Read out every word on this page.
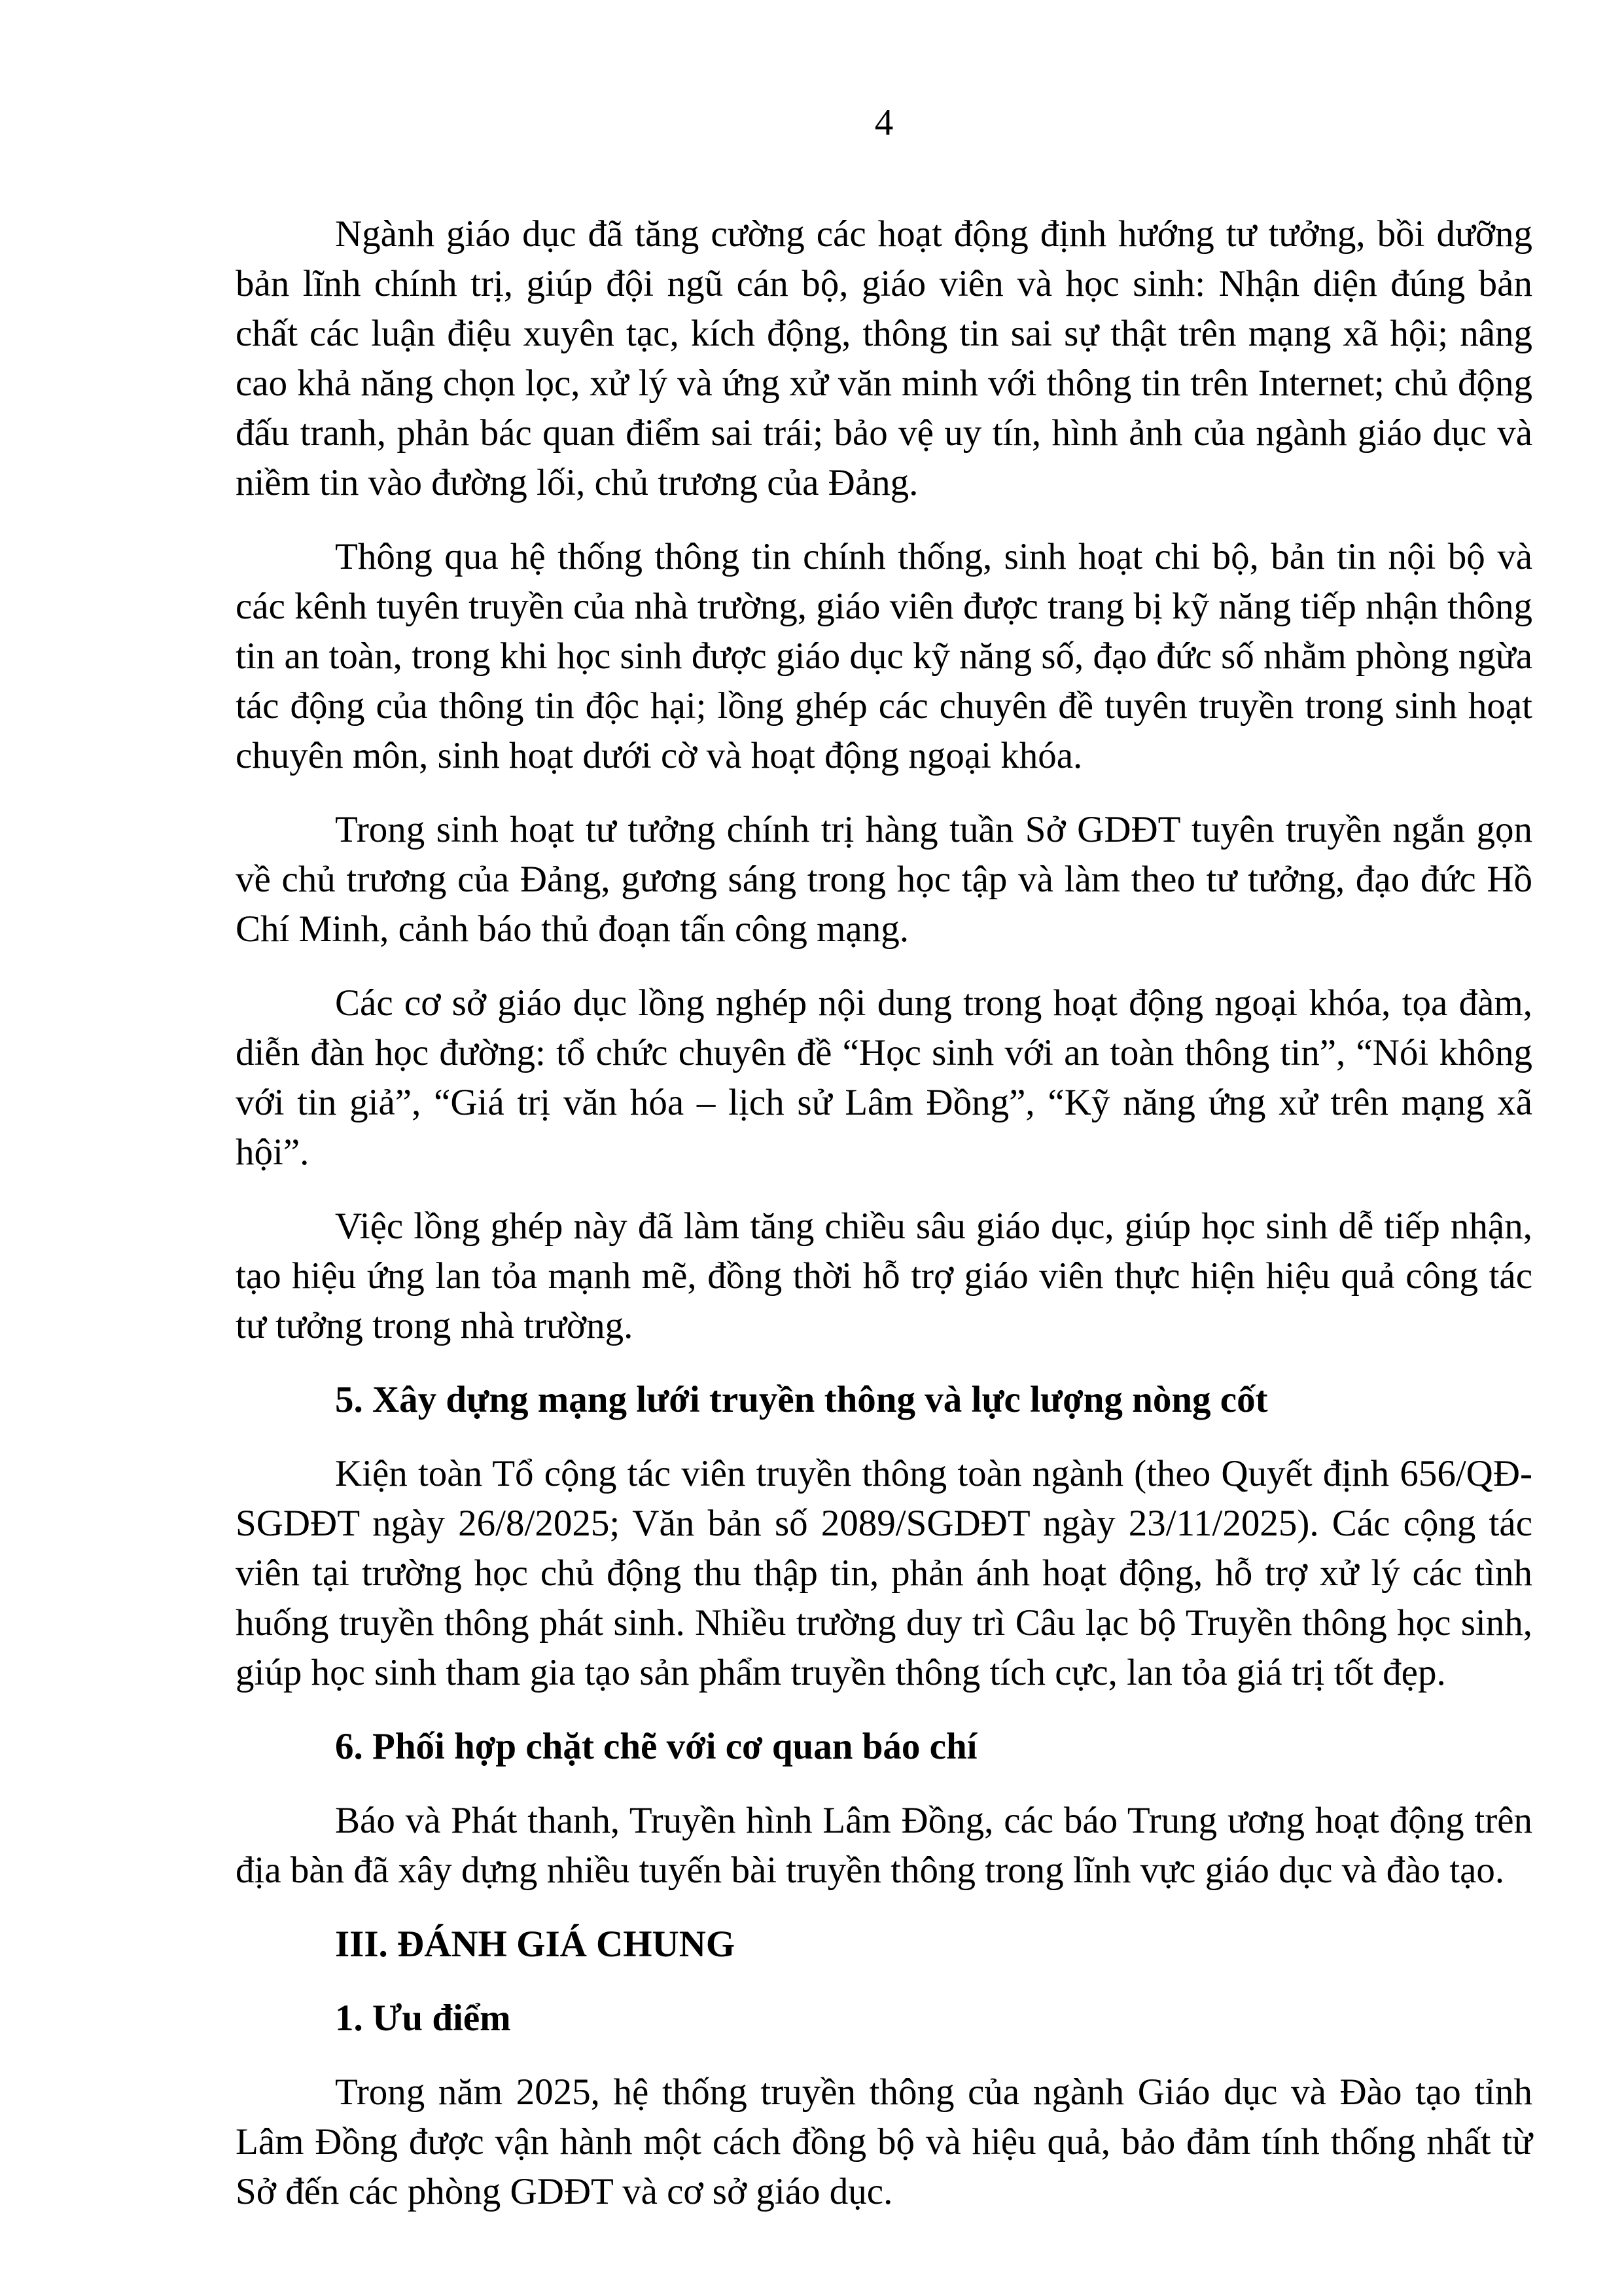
4

Ngành giáo dục đã tăng cường các hoạt động định hướng tư tưởng, bồi dưỡng bản lĩnh chính trị, giúp đội ngũ cán bộ, giáo viên và học sinh: Nhận diện đúng bản chất các luận điệu xuyên tạc, kích động, thông tin sai sự thật trên mạng xã hội; nâng cao khả năng chọn lọc, xử lý và ứng xử văn minh với thông tin trên Internet; chủ động đấu tranh, phản bác quan điểm sai trái; bảo vệ uy tín, hình ảnh của ngành giáo dục và niềm tin vào đường lối, chủ trương của Đảng.

Thông qua hệ thống thông tin chính thống, sinh hoạt chi bộ, bản tin nội bộ và các kênh tuyên truyền của nhà trường, giáo viên được trang bị kỹ năng tiếp nhận thông tin an toàn, trong khi học sinh được giáo dục kỹ năng số, đạo đức số nhằm phòng ngừa tác động của thông tin độc hại; lồng ghép các chuyên đề tuyên truyền trong sinh hoạt chuyên môn, sinh hoạt dưới cờ và hoạt động ngoại khóa.

Trong sinh hoạt tư tưởng chính trị hàng tuần Sở GDĐT tuyên truyền ngắn gọn về chủ trương của Đảng, gương sáng trong học tập và làm theo tư tưởng, đạo đức Hồ Chí Minh, cảnh báo thủ đoạn tấn công mạng.

Các cơ sở giáo dục lồng nghép nội dung trong hoạt động ngoại khóa, tọa đàm, diễn đàn học đường: tổ chức chuyên đề “Học sinh với an toàn thông tin”, “Nói không với tin giả”, “Giá trị văn hóa – lịch sử Lâm Đồng”, “Kỹ năng ứng xử trên mạng xã hội”.

Việc lồng ghép này đã làm tăng chiều sâu giáo dục, giúp học sinh dễ tiếp nhận, tạo hiệu ứng lan tỏa mạnh mẽ, đồng thời hỗ trợ giáo viên thực hiện hiệu quả công tác tư tưởng trong nhà trường.

5. Xây dựng mạng lưới truyền thông và lực lượng nòng cốt

Kiện toàn Tổ cộng tác viên truyền thông toàn ngành (theo Quyết định 656/QĐ-SGDĐT ngày 26/8/2025; Văn bản số 2089/SGDĐT ngày 23/11/2025). Các cộng tác viên tại trường học chủ động thu thập tin, phản ánh hoạt động, hỗ trợ xử lý các tình huống truyền thông phát sinh. Nhiều trường duy trì Câu lạc bộ Truyền thông học sinh, giúp học sinh tham gia tạo sản phẩm truyền thông tích cực, lan tỏa giá trị tốt đẹp.

6. Phối hợp chặt chẽ với cơ quan báo chí

Báo và Phát thanh, Truyền hình Lâm Đồng, các báo Trung ương hoạt động trên địa bàn đã xây dựng nhiều tuyến bài truyền thông trong lĩnh vực giáo dục và đào tạo.

III. ĐÁNH GIÁ CHUNG

1. Ưu điểm

Trong năm 2025, hệ thống truyền thông của ngành Giáo dục và Đào tạo tỉnh Lâm Đồng được vận hành một cách đồng bộ và hiệu quả, bảo đảm tính thống nhất từ Sở đến các phòng GDĐT và cơ sở giáo dục.
